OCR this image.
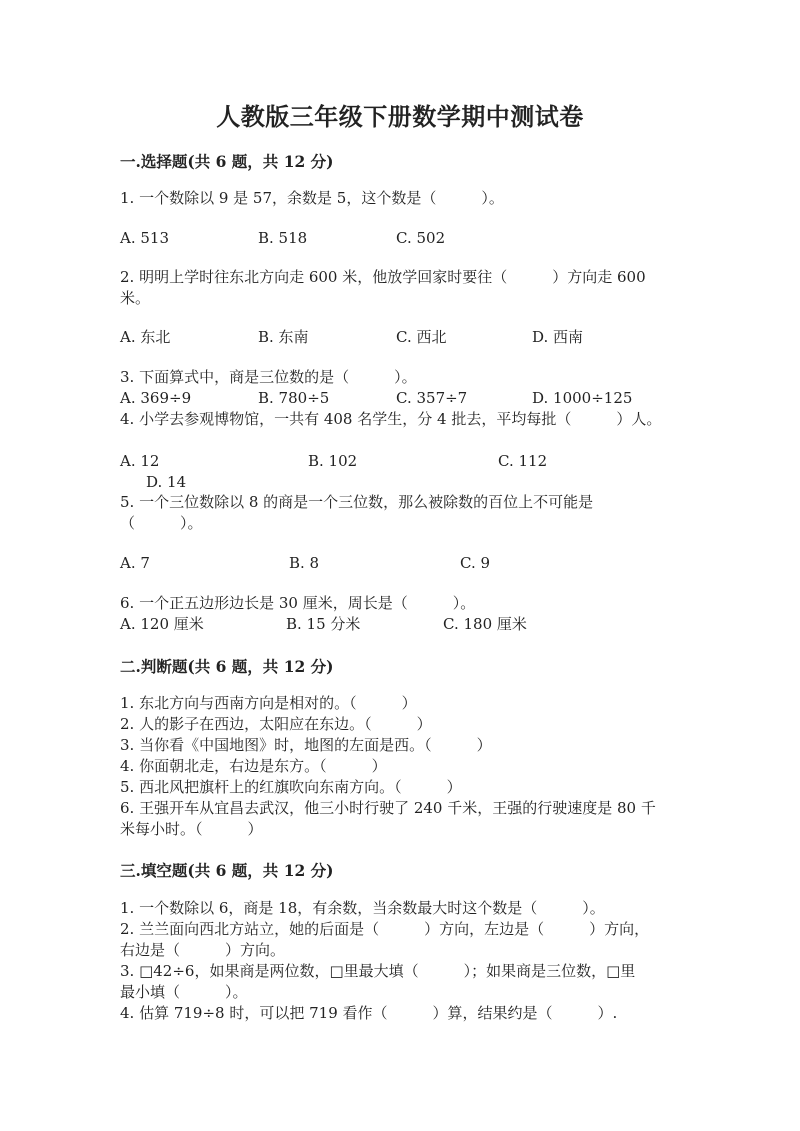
人教版三年级下册数学期中测试卷
一.选择题(共 6 题，共 12 分)
1. 一个数除以 9 是 57，余数是 5，这个数是（　　　）。
A. 513	B. 518	C. 502
2. 明明上学时往东北方向走 600 米，他放学回家时要往（　　　）方向走 600
米。
A. 东北	B. 东南	C. 西北	D. 西南
3. 下面算式中，商是三位数的是（　　　）。
A. 369÷9	B. 780÷5	C. 357÷7	D. 1000÷125
4. 小学去参观博物馆，一共有 408 名学生，分 4 批去，平均每批（　　　）人。
A. 12	B. 102	C. 112
D. 14
5. 一个三位数除以 8 的商是一个三位数，那么被除数的百位上不可能是
（　　　）。
A. 7	B. 8	C. 9
6. 一个正五边形边长是 30 厘米，周长是（　　　）。
A. 120 厘米	B. 15 分米	C. 180 厘米
二.判断题(共 6 题，共 12 分)
1. 东北方向与西南方向是相对的。（　　　）
2. 人的影子在西边，太阳应在东边。（　　　）
3. 当你看《中国地图》时，地图的左面是西。（　　　）
4. 你面朝北走，右边是东方。（　　　）
5. 西北风把旗杆上的红旗吹向东南方向。（　　　）
6. 王强开车从宜昌去武汉，他三小时行驶了 240 千米，王强的行驶速度是 80 千
米每小时。（　　　）
三.填空题(共 6 题，共 12 分)
1. 一个数除以 6，商是 18，有余数，当余数最大时这个数是（　　　）。
2. 兰兰面向西北方站立，她的后面是（　　　）方向，左边是（　　　）方向，
右边是（　　　）方向。
3. □42÷6，如果商是两位数，□里最大填（　　　）；如果商是三位数，□里
最小填（　　　）。
4. 估算 719÷8 时，可以把 719 看作（　　　）算，结果约是（　　　）.
